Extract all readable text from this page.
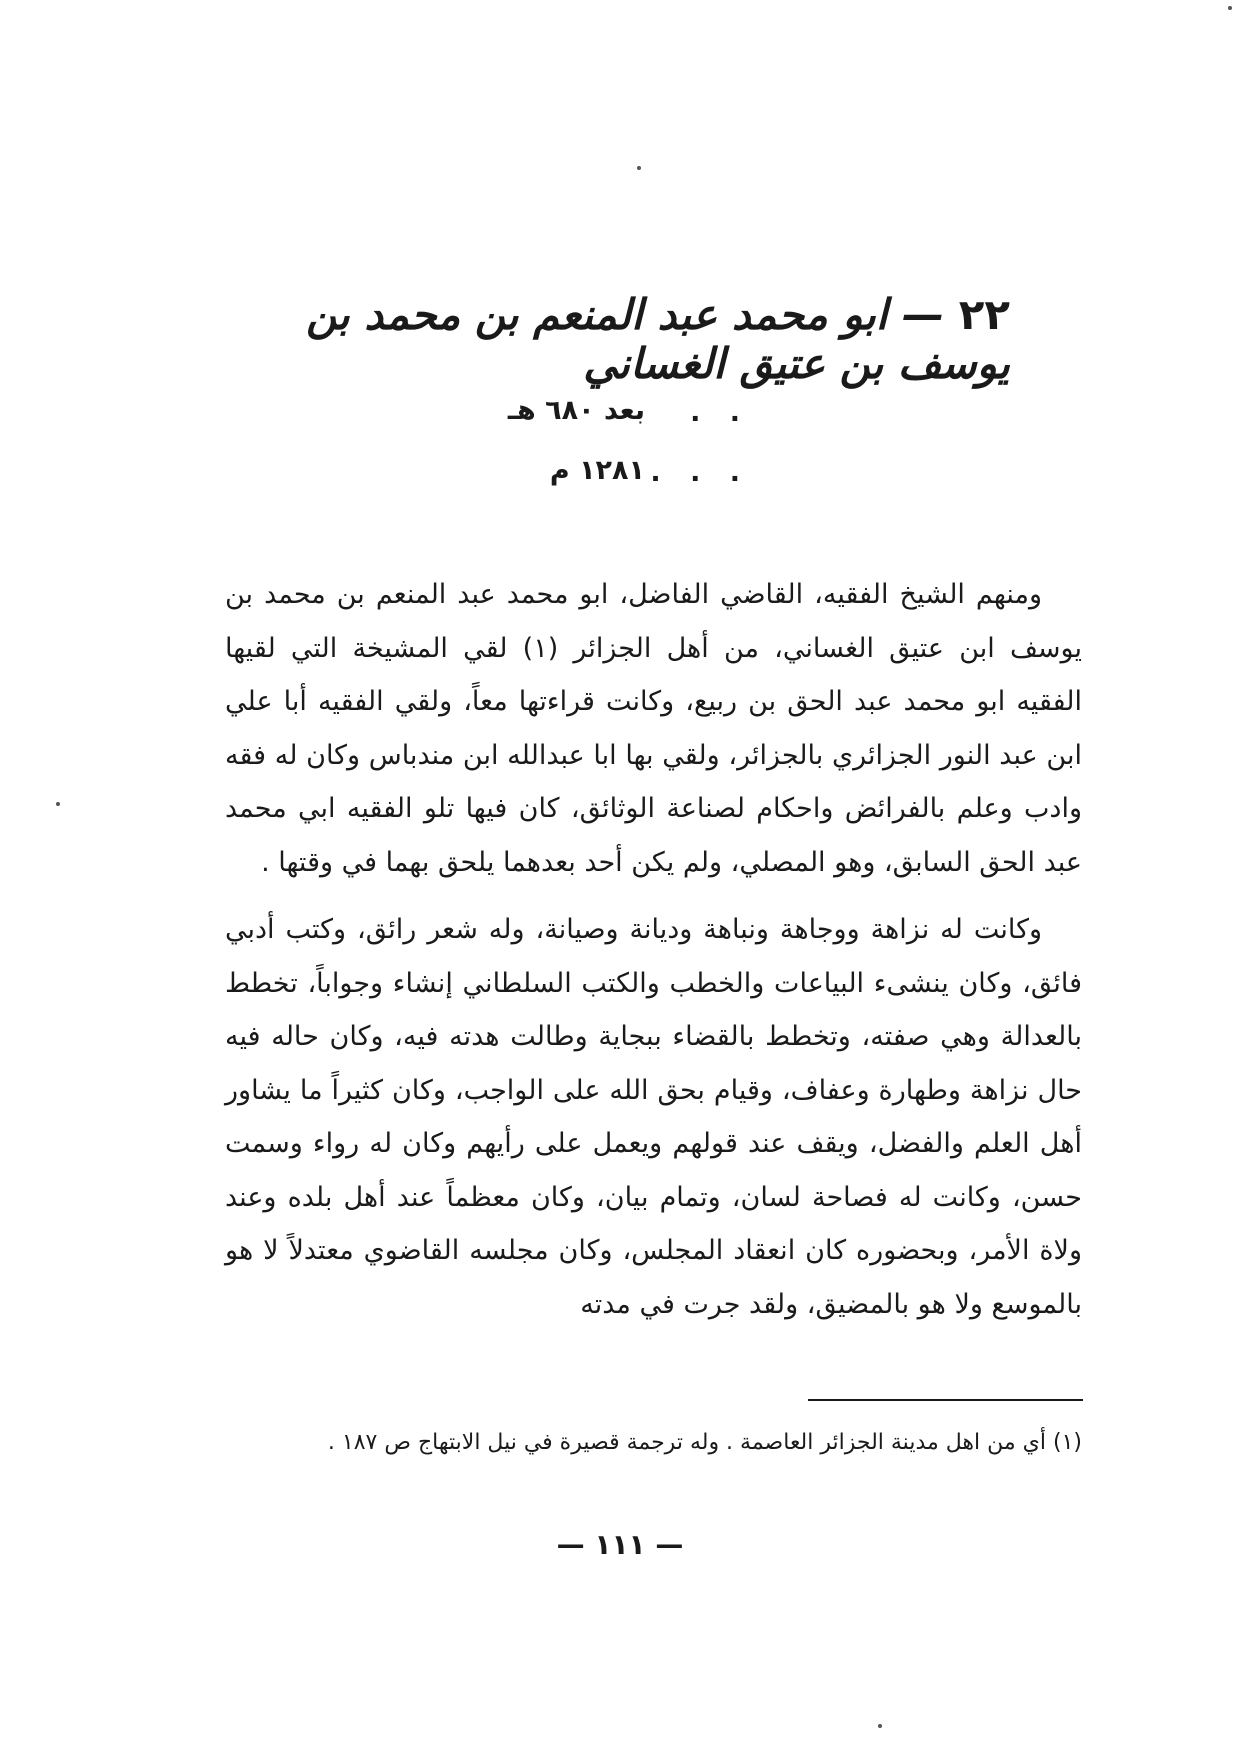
٢٢ — ابو محمد عبد المنعم بن محمد بن يوسف بن عتيق الغساني
. .
بعد ٦٨٠ هـ
. . .
١٢٨١ م

ومنهم الشيخ الفقيه، القاضي الفاضل، ابو محمد عبد المنعم بن محمد بن يوسف ابن عتيق الغساني، من أهل الجزائر (١) لقي المشيخة التي لقيها الفقيه ابو محمد عبد الحق بن ربيع، وكانت قراءتها معاً، ولقي الفقيه أبا علي ابن عبد النور الجزائري بالجزائر، ولقي بها ابا عبدالله ابن مندباس وكان له فقه وادب وعلم بالفرائض واحكام لصناعة الوثائق، كان فيها تلو الفقيه ابي محمد عبد الحق السابق، وهو المصلي، ولم يكن أحد بعدهما يلحق بهما في وقتها .

وكانت له نزاهة ووجاهة ونباهة وديانة وصيانة، وله شعر رائق، وكتب أدبي فائق، وكان ينشىء البياعات والخطب والكتب السلطاني إنشاء وجواباً، تخطط بالعدالة وهي صفته، وتخطط بالقضاء ببجاية وطالت هدته فيه، وكان حاله فيه حال نزاهة وطهارة وعفاف، وقيام بحق الله على الواجب، وكان كثيراً ما يشاور أهل العلم والفضل، ويقف عند قولهم ويعمل على رأيهم وكان له رواء وسمت حسن، وكانت له فصاحة لسان، وتمام بيان، وكان معظماً عند أهل بلده وعند ولاة الأمر، وبحضوره كان انعقاد المجلس، وكان مجلسه القاضوي معتدلاً لا هو بالموسع ولا هو بالمضيق، ولقد جرت في مدته

(١) أي من اهل مدينة الجزائر العاصمة . وله ترجمة قصيرة في نيل الابتهاج ص ١٨٧ .
— ١١١ —
